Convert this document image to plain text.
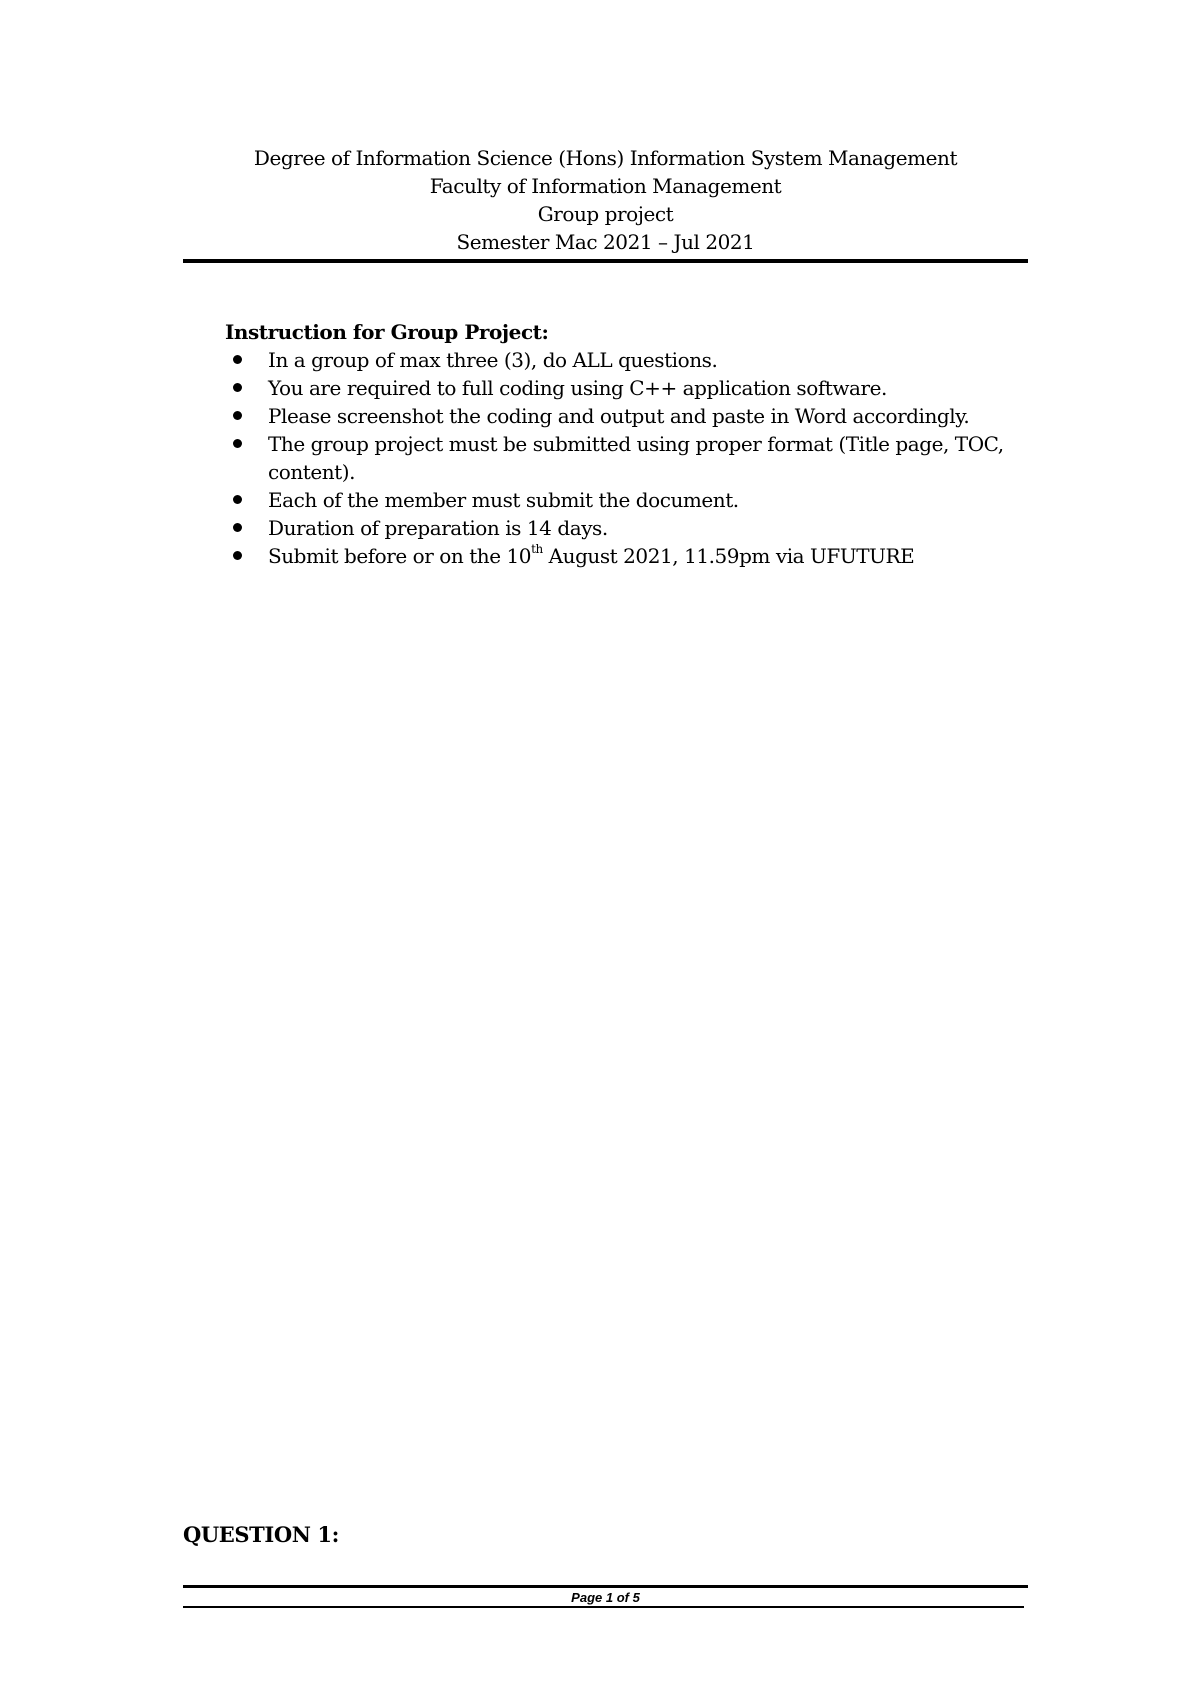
Degree of Information Science (Hons) Information System Management
Faculty of Information Management
Group project
Semester Mac 2021 – Jul 2021
Instruction for Group Project:
In a group of max three (3), do ALL questions.
You are required to full coding using C++ application software.
Please screenshot the coding and output and paste in Word accordingly.
The group project must be submitted using proper format (Title page, TOC, content).
Each of the member must submit the document.
Duration of preparation is 14 days.
Submit before or on the 10th August 2021, 11.59pm via UFUTURE
QUESTION 1:
Page 1 of 5
